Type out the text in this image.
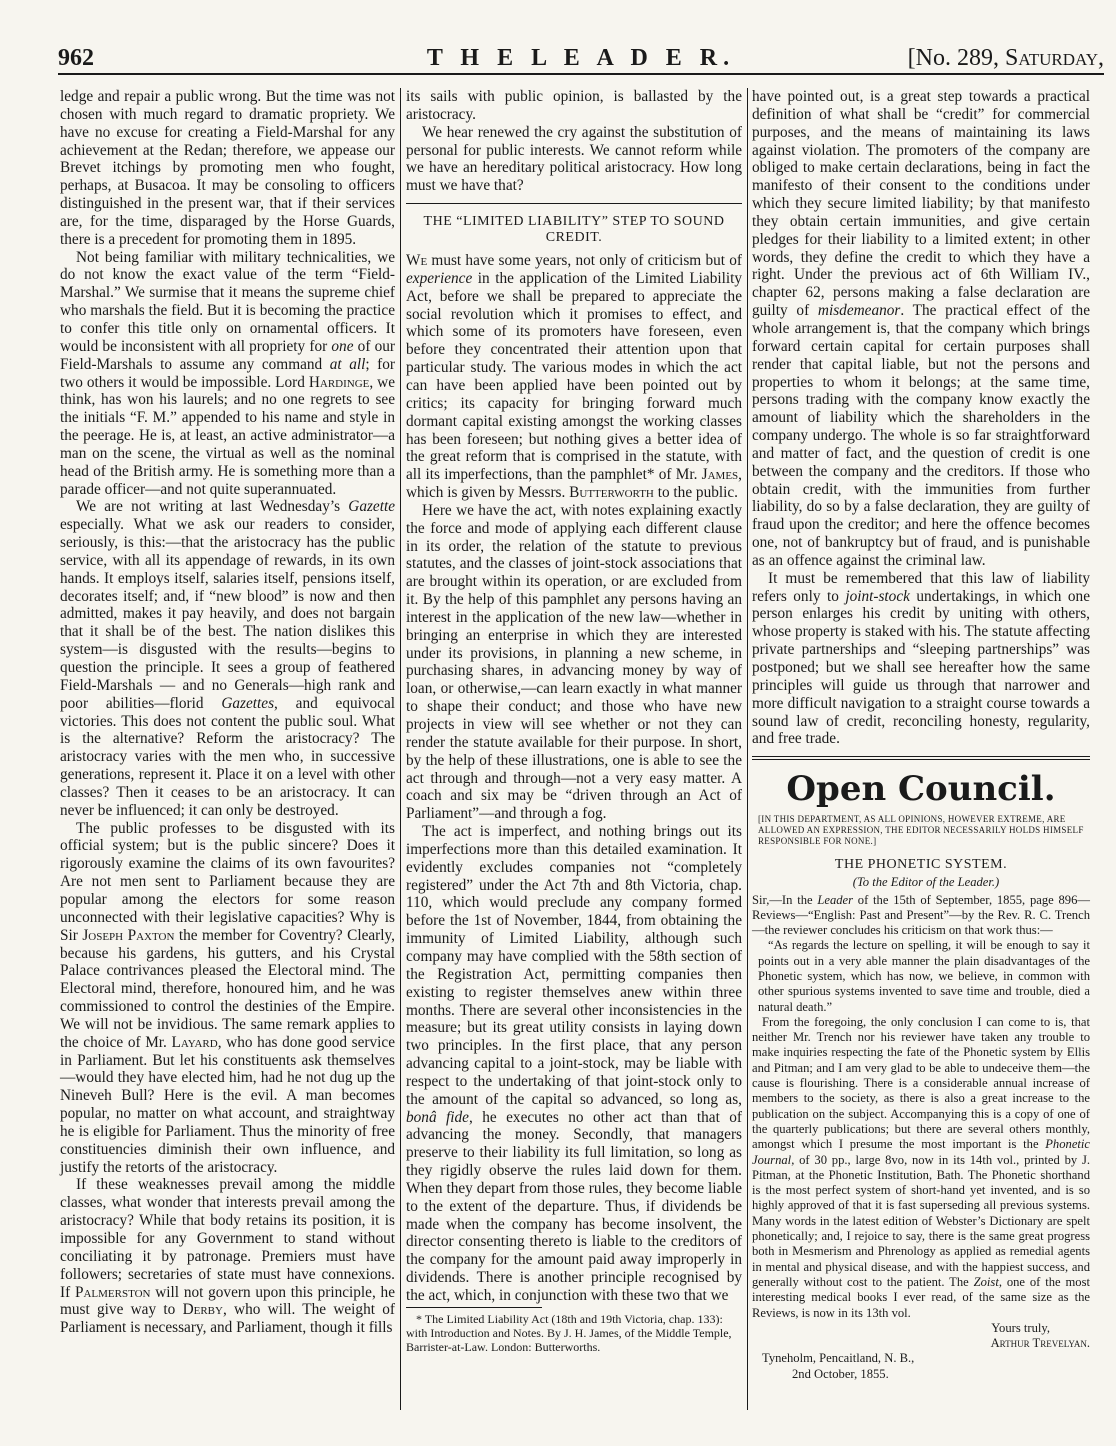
962	T H E L E A D E R.	[No. 289, Saturday,

ledge and repair a public wrong. But the time was not chosen with much regard to dramatic propriety. We have no excuse for creating a Field-Marshal for any achievement at the Redan; therefore, we appease our Brevet itchings by promoting men who fought, perhaps, at Busacoa. It may be consoling to officers distinguished in the present war, that if their services are, for the time, disparaged by the Horse Guards, there is a precedent for promoting them in 1895.

Not being familiar with military technicalities, we do not know the exact value of the term “Field-Marshal.” We surmise that it means the supreme chief who marshals the field. But it is becoming the practice to confer this title only on ornamental officers. It would be inconsistent with all propriety for one of our Field-Marshals to assume any command at all; for two others it would be impossible. Lord Hardinge, we think, has won his laurels; and no one regrets to see the initials “F. M.” appended to his name and style in the peerage. He is, at least, an active administrator—a man on the scene, the virtual as well as the nominal head of the British army. He is something more than a parade officer—and not quite superannuated.

We are not writing at last Wednesday’s Gazette especially. What we ask our readers to consider, seriously, is this:—that the aristocracy has the public service, with all its appendage of rewards, in its own hands. It employs itself, salaries itself, pensions itself, decorates itself; and, if “new blood” is now and then admitted, makes it pay heavily, and does not bargain that it shall be of the best. The nation dislikes this system—is disgusted with the results—begins to question the principle. It sees a group of feathered Field-Marshals — and no Generals—high rank and poor abilities—florid Gazettes, and equivocal victories. This does not content the public soul. What is the alternative? Reform the aristocracy? The aristocracy varies with the men who, in successive generations, represent it. Place it on a level with other classes? Then it ceases to be an aristocracy. It can never be influenced; it can only be destroyed.

The public professes to be disgusted with its official system; but is the public sincere? Does it rigorously examine the claims of its own favourites? Are not men sent to Parliament because they are popular among the electors for some reason unconnected with their legislative capacities? Why is Sir Joseph Paxton the member for Coventry? Clearly, because his gardens, his gutters, and his Crystal Palace contrivances pleased the Electoral mind. The Electoral mind, therefore, honoured him, and he was commissioned to control the destinies of the Empire. We will not be invidious. The same remark applies to the choice of Mr. Layard, who has done good service in Parliament. But let his constituents ask themselves—would they have elected him, had he not dug up the Nineveh Bull? Here is the evil. A man becomes popular, no matter on what account, and straightway he is eligible for Parliament. Thus the minority of free constituencies diminish their own influence, and justify the retorts of the aristocracy.

If these weaknesses prevail among the middle classes, what wonder that interests prevail among the aristocracy? While that body retains its position, it is impossible for any Government to stand without conciliating it by patronage. Premiers must have followers; secretaries of state must have connexions. If Palmerston will not govern upon this principle, he must give way to Derby, who will. The weight of Parliament is necessary, and Parliament, though it fills

its sails with public opinion, is ballasted by the aristocracy.

We hear renewed the cry against the substitution of personal for public interests. We cannot reform while we have an hereditary political aristocracy. How long must we have that?

THE “LIMITED LIABILITY” STEP TO SOUND CREDIT.

We must have some years, not only of criticism but of experience in the application of the Limited Liability Act, before we shall be prepared to appreciate the social revolution which it promises to effect, and which some of its promoters have foreseen, even before they concentrated their attention upon that particular study. The various modes in which the act can have been applied have been pointed out by critics; its capacity for bringing forward much dormant capital existing amongst the working classes has been foreseen; but nothing gives a better idea of the great reform that is comprised in the statute, with all its imperfections, than the pamphlet* of Mr. James, which is given by Messrs. Butterworth to the public.

Here we have the act, with notes explaining exactly the force and mode of applying each different clause in its order, the relation of the statute to previous statutes, and the classes of joint-stock associations that are brought within its operation, or are excluded from it. By the help of this pamphlet any persons having an interest in the application of the new law—whether in bringing an enterprise in which they are interested under its provisions, in planning a new scheme, in purchasing shares, in advancing money by way of loan, or otherwise,—can learn exactly in what manner to shape their conduct; and those who have new projects in view will see whether or not they can render the statute available for their purpose. In short, by the help of these illustrations, one is able to see the act through and through—not a very easy matter. A coach and six may be “driven through an Act of Parliament”—and through a fog.

The act is imperfect, and nothing brings out its imperfections more than this detailed examination. It evidently excludes companies not “completely registered” under the Act 7th and 8th Victoria, chap. 110, which would preclude any company formed before the 1st of November, 1844, from obtaining the immunity of Limited Liability, although such company may have complied with the 58th section of the Registration Act, permitting companies then existing to register themselves anew within three months. There are several other inconsistencies in the measure; but its great utility consists in laying down two principles. In the first place, that any person advancing capital to a joint-stock, may be liable with respect to the undertaking of that joint-stock only to the amount of the capital so advanced, so long as, bonâ fide, he executes no other act than that of advancing the money. Secondly, that managers preserve to their liability its full limitation, so long as they rigidly observe the rules laid down for them. When they depart from those rules, they become liable to the extent of the departure. Thus, if dividends be made when the company has become insolvent, the director consenting thereto is liable to the creditors of the company for the amount paid away improperly in dividends. There is another principle recognised by the act, which, in conjunction with these two that we

* The Limited Liability Act (18th and 19th Victoria, chap. 133): with Introduction and Notes. By J. H. James, of the Middle Temple, Barrister-at-Law. London: Butterworths.

have pointed out, is a great step towards a practical definition of what shall be “credit” for commercial purposes, and the means of maintaining its laws against violation. The promoters of the company are obliged to make certain declarations, being in fact the manifesto of their consent to the conditions under which they secure limited liability; by that manifesto they obtain certain immunities, and give certain pledges for their liability to a limited extent; in other words, they define the credit to which they have a right. Under the previous act of 6th William IV., chapter 62, persons making a false declaration are guilty of misdemeanor. The practical effect of the whole arrangement is, that the company which brings forward certain capital for certain purposes shall render that capital liable, but not the persons and properties to whom it belongs; at the same time, persons trading with the company know exactly the amount of liability which the shareholders in the company undergo. The whole is so far straightforward and matter of fact, and the question of credit is one between the company and the creditors. If those who obtain credit, with the immunities from further liability, do so by a false declaration, they are guilty of fraud upon the creditor; and here the offence becomes one, not of bankruptcy but of fraud, and is punishable as an offence against the criminal law.

It must be remembered that this law of liability refers only to joint-stock undertakings, in which one person enlarges his credit by uniting with others, whose property is staked with his. The statute affecting private partnerships and “sleeping partnerships” was postponed; but we shall see hereafter how the same principles will guide us through that narrower and more difficult navigation to a straight course towards a sound law of credit, reconciling honesty, regularity, and free trade.

Open Council.

[IN THIS DEPARTMENT, AS ALL OPINIONS, HOWEVER EXTREME, ARE ALLOWED AN EXPRESSION, THE EDITOR NECESSARILY HOLDS HIMSELF RESPONSIBLE FOR NONE.]

THE PHONETIC SYSTEM.

(To the Editor of the Leader.)

Sir,—In the Leader of the 15th of September, 1855, page 896—Reviews—“English: Past and Present”—by the Rev. R. C. Trench—the reviewer concludes his criticism on that work thus:—

“As regards the lecture on spelling, it will be enough to say it points out in a very able manner the plain disadvantages of the Phonetic system, which has now, we believe, in common with other spurious systems invented to save time and trouble, died a natural death.”

From the foregoing, the only conclusion I can come to is, that neither Mr. Trench nor his reviewer have taken any trouble to make inquiries respecting the fate of the Phonetic system by Ellis and Pitman; and I am very glad to be able to undeceive them—the cause is flourishing. There is a considerable annual increase of members to the society, as there is also a great increase to the publication on the subject. Accompanying this is a copy of one of the quarterly publications; but there are several others monthly, amongst which I presume the most important is the Phonetic Journal, of 30 pp., large 8vo, now in its 14th vol., printed by J. Pitman, at the Phonetic Institution, Bath. The Phonetic shorthand is the most perfect system of short-hand yet invented, and is so highly approved of that it is fast superseding all previous systems. Many words in the latest edition of Webster’s Dictionary are spelt phonetically; and, I rejoice to say, there is the same great progress both in Mesmerism and Phrenology as applied as remedial agents in mental and physical disease, and with the happiest success, and generally without cost to the patient. The Zoist, one of the most interesting medical books I ever read, of the same size as the Reviews, is now in its 13th vol.

Yours truly,

Arthur Trevelyan.

Tyneholm, Pencaitland, N. B.,

2nd October, 1855.
